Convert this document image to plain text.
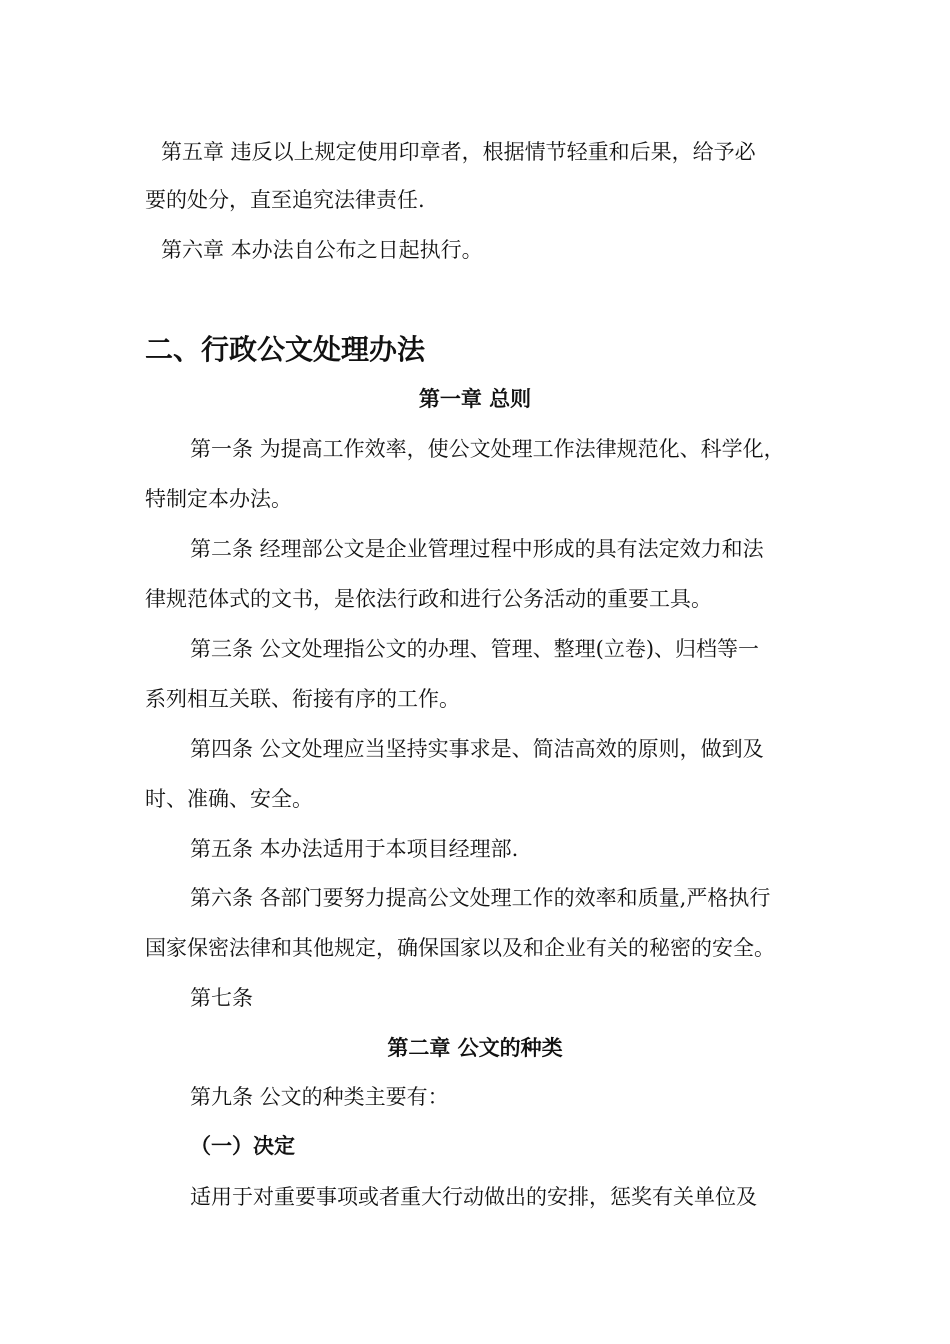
第五章 违反以上规定使用印章者，根据情节轻重和后果，给予必
要的处分，直至追究法律责任.
第六章 本办法自公布之日起执行。
二、行政公文处理办法
第一章 总则
第一条 为提高工作效率，使公文处理工作法律规范化、科学化，
特制定本办法。
第二条 经理部公文是企业管理过程中形成的具有法定效力和法
律规范体式的文书，是依法行政和进行公务活动的重要工具。
第三条 公文处理指公文的办理、管理、整理(立卷)、归档等一
系列相互关联、衔接有序的工作。
第四条 公文处理应当坚持实事求是、简洁高效的原则，做到及
时、准确、安全。
第五条 本办法适用于本项目经理部.
第六条 各部门要努力提高公文处理工作的效率和质量,严格执行
国家保密法律和其他规定，确保国家以及和企业有关的秘密的安全。
第七条
第二章 公文的种类
第九条 公文的种类主要有：
（一）决定
适用于对重要事项或者重大行动做出的安排，惩奖有关单位及
